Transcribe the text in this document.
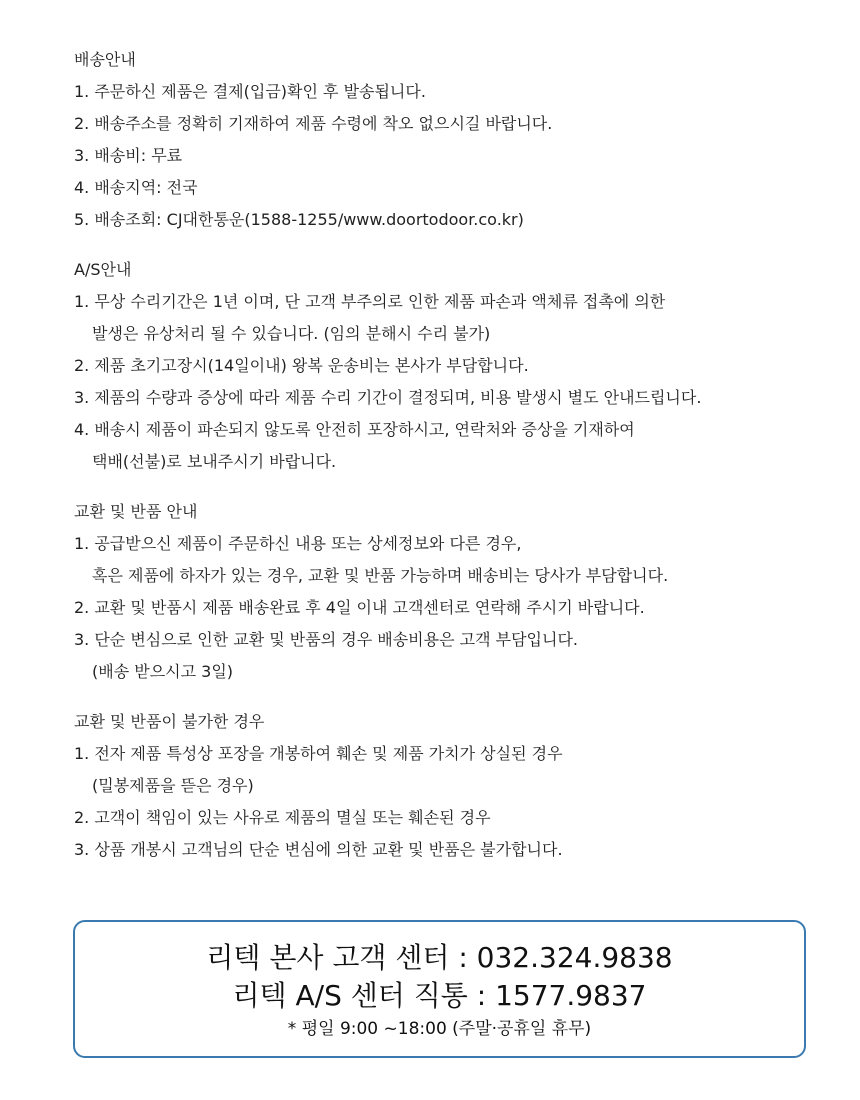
배송안내
1. 주문하신 제품은 결제(입금)확인 후 발송됩니다.
2. 배송주소를 정확히 기재하여 제품 수령에 착오 없으시길 바랍니다.
3. 배송비: 무료
4. 배송지역: 전국
5. 배송조회: CJ대한통운(1588-1255/www.doortodoor.co.kr)
A/S안내
1. 무상 수리기간은 1년 이며, 단 고객 부주의로 인한 제품 파손과 액체류 접촉에 의한
발생은 유상처리 될 수 있습니다. (임의 분해시 수리 불가)
2. 제품 초기고장시(14일이내) 왕복 운송비는 본사가 부담합니다.
3. 제품의 수량과 증상에 따라 제품 수리 기간이 결정되며, 비용 발생시 별도 안내드립니다.
4. 배송시 제품이 파손되지 않도록 안전히 포장하시고, 연락처와 증상을 기재하여
택배(선불)로 보내주시기 바랍니다.
교환 및 반품 안내
1. 공급받으신 제품이 주문하신 내용 또는 상세정보와 다른 경우,
혹은 제품에 하자가 있는 경우, 교환 및 반품 가능하며 배송비는 당사가 부담합니다.
2. 교환 및 반품시 제품 배송완료 후 4일 이내 고객센터로 연락해 주시기 바랍니다.
3. 단순 변심으로 인한 교환 및 반품의 경우 배송비용은 고객 부담입니다.
(배송 받으시고 3일)
교환 및 반품이 불가한 경우
1. 전자 제품 특성상 포장을 개봉하여 훼손 및 제품 가치가 상실된 경우
(밀봉제품을 뜯은 경우)
2. 고객이 책임이 있는 사유로 제품의 멸실 또는 훼손된 경우
3. 상품 개봉시 고객님의 단순 변심에 의한 교환 및 반품은 불가합니다.
리텍 본사 고객 센터 : 032.324.9838
리텍 A/S 센터 직통 : 1577.9837
* 평일 9:00 ~18:00 (주말·공휴일 휴무)
